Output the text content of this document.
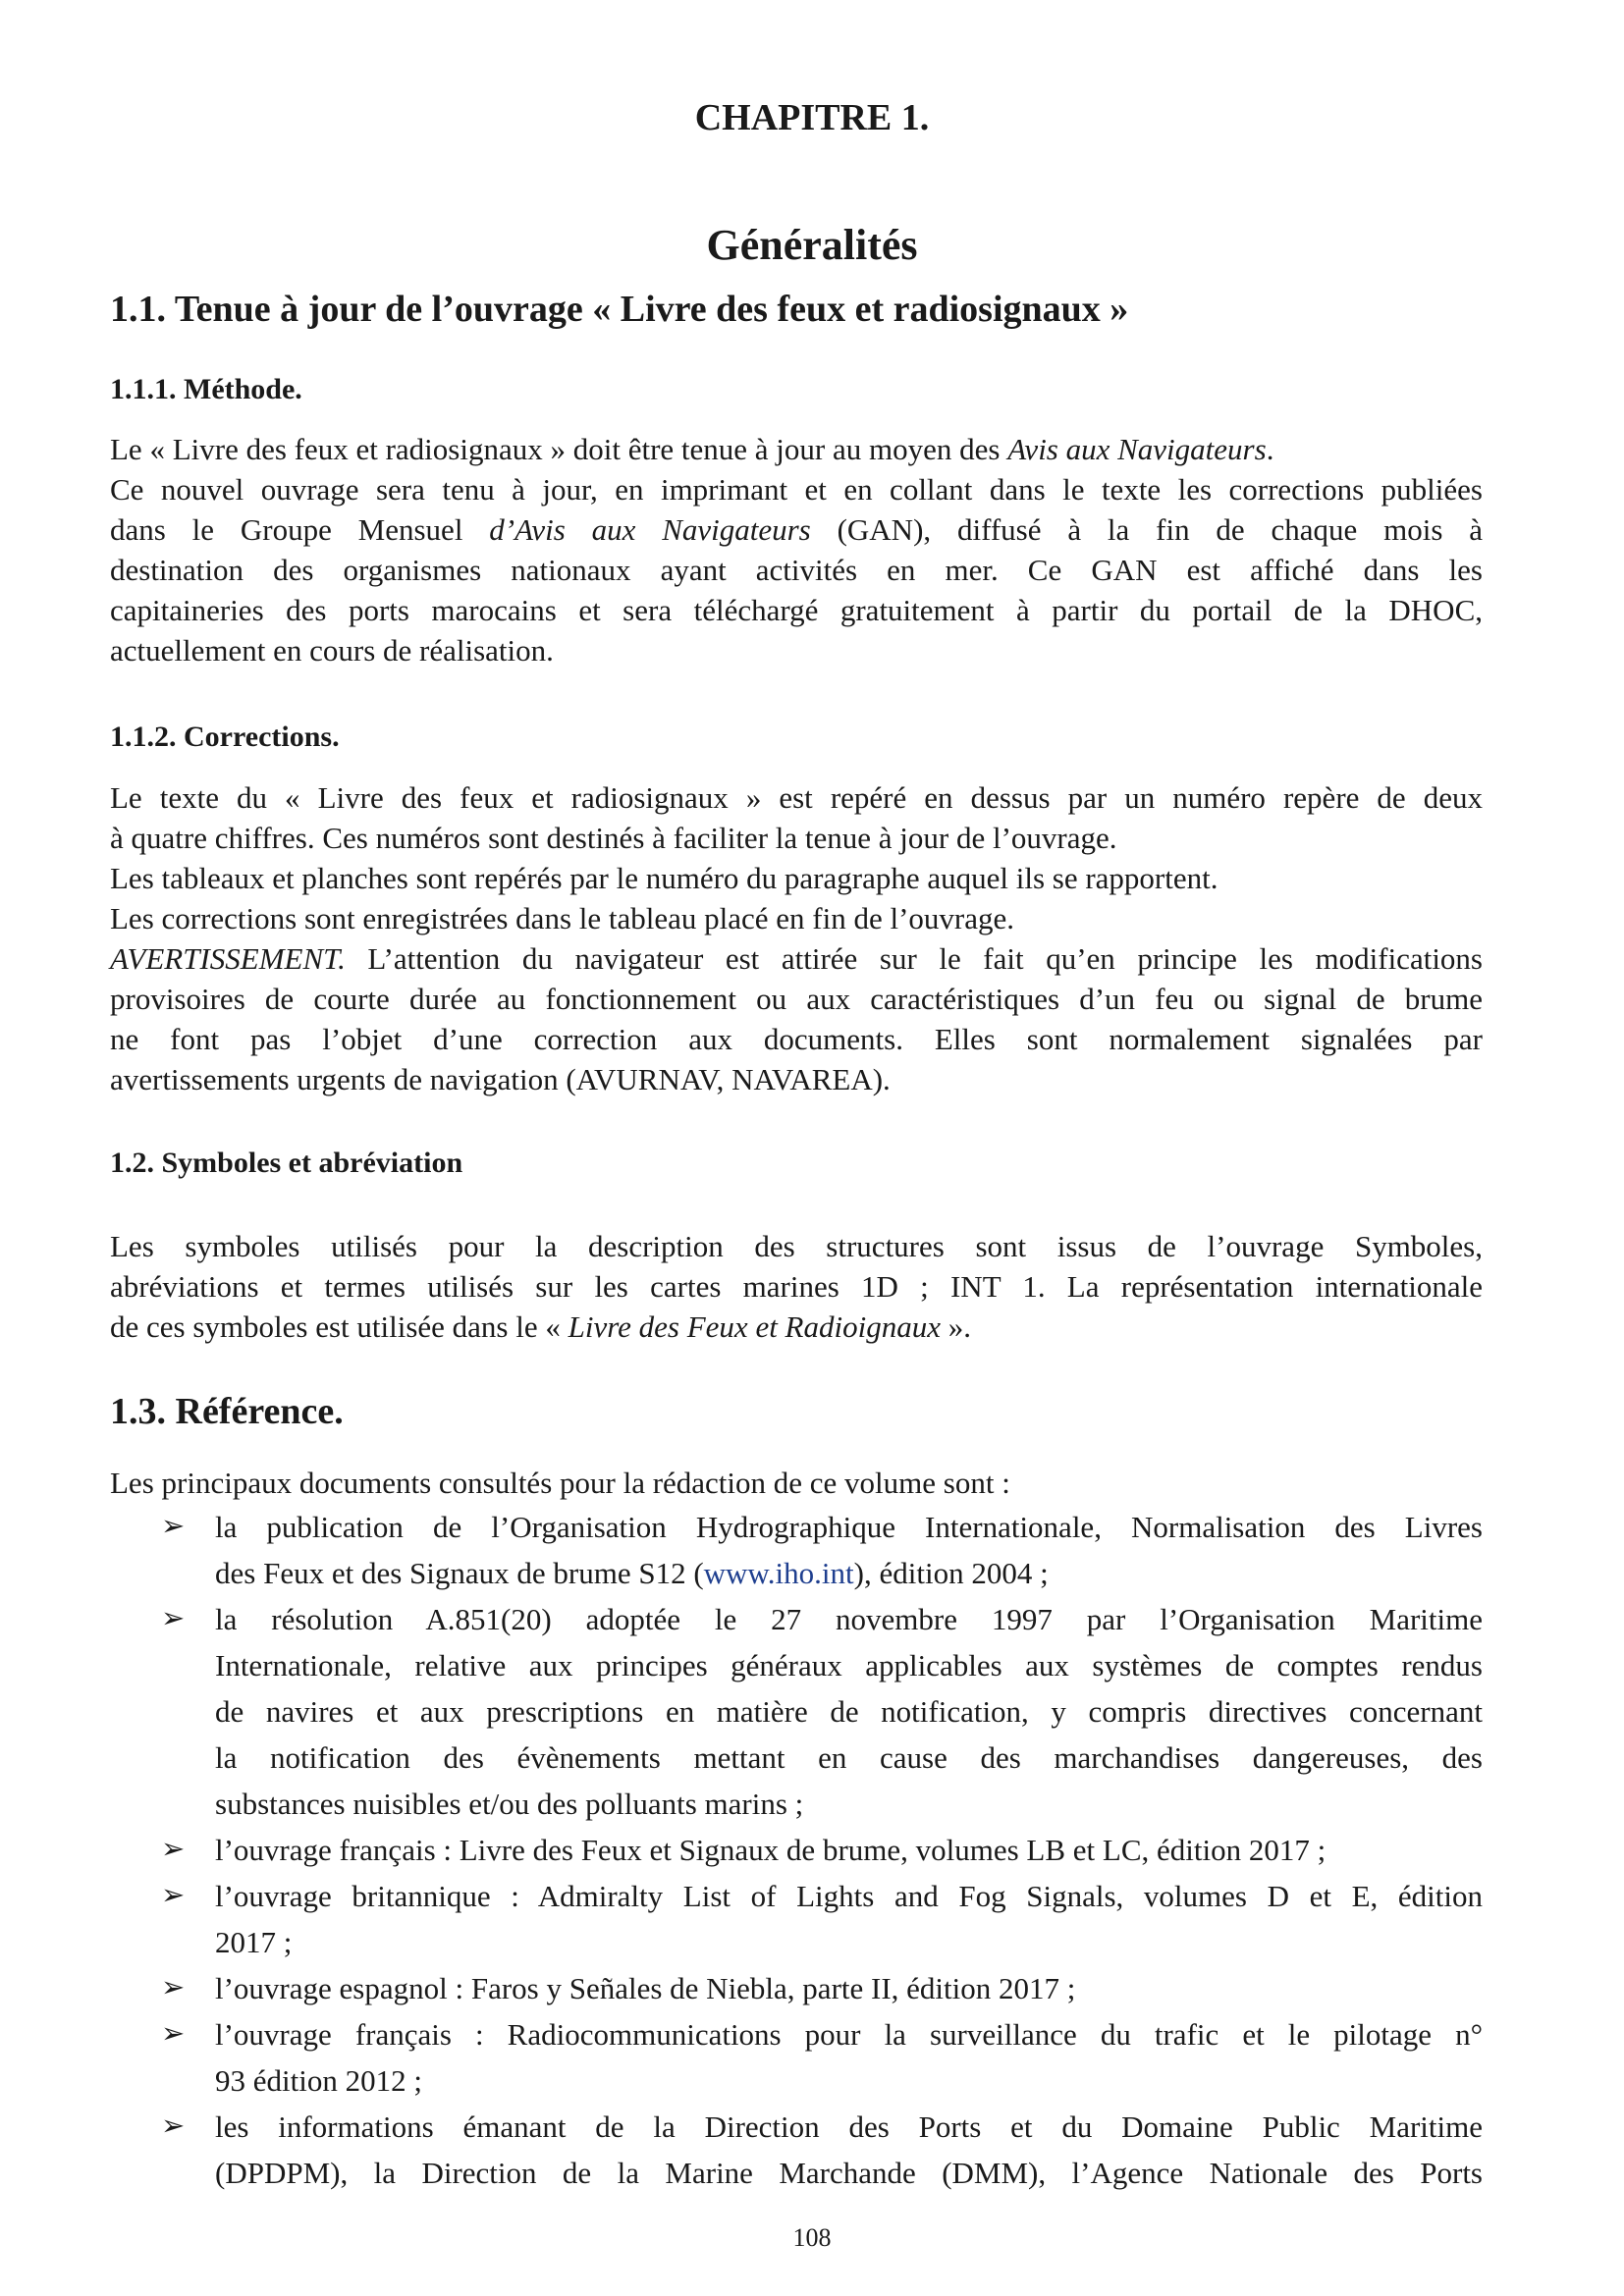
CHAPITRE 1.
Généralités
1.1. Tenue à jour de l’ouvrage « Livre des feux et radiosignaux »
1.1.1. Méthode.
Le « Livre des feux et radiosignaux » doit être tenue à jour au moyen des Avis aux Navigateurs.
Ce nouvel ouvrage sera tenu à jour, en imprimant et en collant dans le texte les corrections publiées
dans le Groupe Mensuel d’Avis aux Navigateurs (GAN), diffusé à la fin de chaque mois à
destination des organismes nationaux ayant activités en mer. Ce GAN est affiché dans les
capitaineries des ports marocains et sera téléchargé gratuitement à partir du portail de la DHOC,
actuellement en cours de réalisation.
1.1.2. Corrections.
Le texte du « Livre des feux et radiosignaux » est repéré en dessus par un numéro repère de deux
à quatre chiffres. Ces numéros sont destinés à faciliter la tenue à jour de l’ouvrage.
Les tableaux et planches sont repérés par le numéro du paragraphe auquel ils se rapportent.
Les corrections sont enregistrées dans le tableau placé en fin de l’ouvrage.
AVERTISSEMENT. L’attention du navigateur est attirée sur le fait qu’en principe les modifications
provisoires de courte durée au fonctionnement ou aux caractéristiques d’un feu ou signal de brume
ne font pas l’objet d’une correction aux documents. Elles sont normalement signalées par
avertissements urgents de navigation (AVURNAV, NAVAREA).
1.2. Symboles et abréviation
Les symboles utilisés pour la description des structures sont issus de l’ouvrage Symboles,
abréviations et termes utilisés sur les cartes marines 1D ; INT 1. La représentation internationale
de ces symboles est utilisée dans le « Livre des Feux et Radioignaux ».
1.3. Référence.
Les principaux documents consultés pour la rédaction de ce volume sont :
➢ la publication de l’Organisation Hydrographique Internationale, Normalisation des Livres
des Feux et des Signaux de brume S12 (www.iho.int), édition 2004 ;
➢ la résolution A.851(20) adoptée le 27 novembre 1997 par l’Organisation Maritime
Internationale, relative aux principes généraux applicables aux systèmes de comptes rendus
de navires et aux prescriptions en matière de notification, y compris directives concernant
la notification des évènements mettant en cause des marchandises dangereuses, des
substances nuisibles et/ou des polluants marins ;
➢ l’ouvrage français : Livre des Feux et Signaux de brume, volumes LB et LC, édition 2017 ;
➢ l’ouvrage britannique : Admiralty List of Lights and Fog Signals, volumes D et E, édition
2017 ;
➢ l’ouvrage espagnol : Faros y Señales de Niebla, parte II, édition 2017 ;
➢ l’ouvrage français : Radiocommunications pour la surveillance du trafic et le pilotage n°
93 édition 2012 ;
➢ les informations émanant de la Direction des Ports et du Domaine Public Maritime
(DPDPM), la Direction de la Marine Marchande (DMM), l’Agence Nationale des Ports
108
